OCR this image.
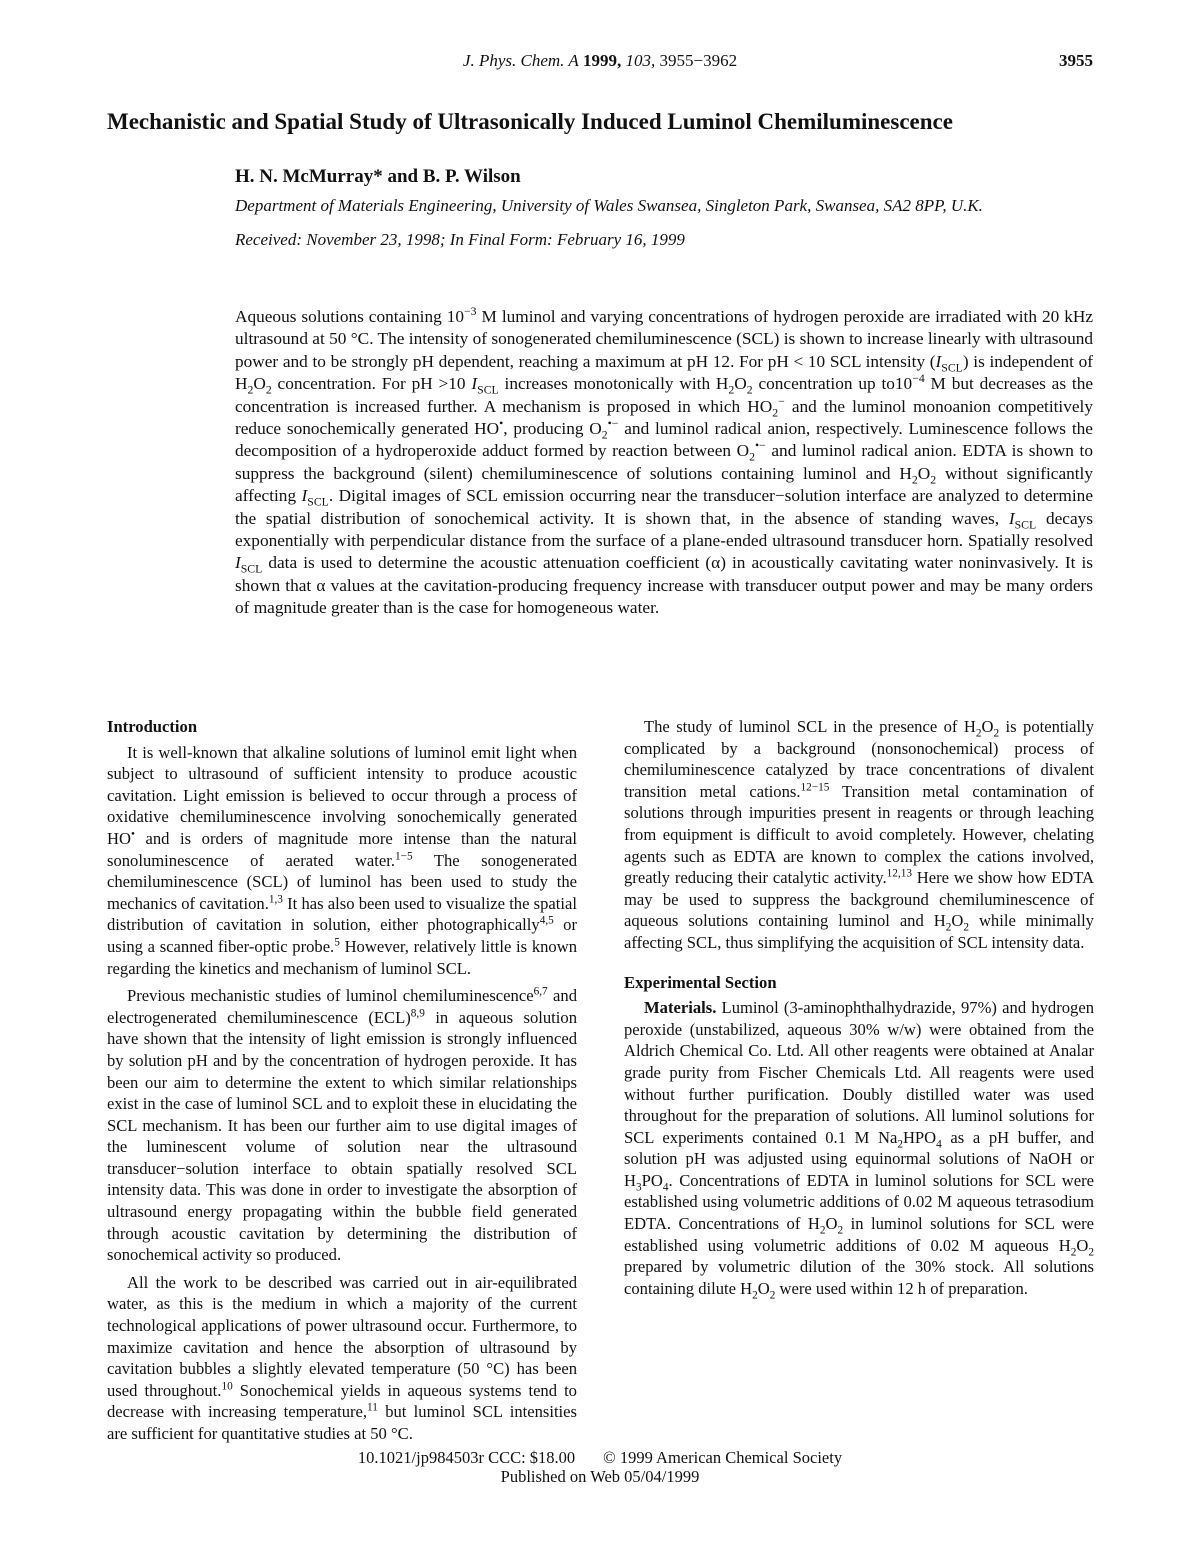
J. Phys. Chem. A 1999, 103, 3955−3962	3955
Mechanistic and Spatial Study of Ultrasonically Induced Luminol Chemiluminescence
H. N. McMurray* and B. P. Wilson
Department of Materials Engineering, University of Wales Swansea, Singleton Park, Swansea, SA2 8PP, U.K.
Received: November 23, 1998; In Final Form: February 16, 1999
Aqueous solutions containing $10^{-3}$ M luminol and varying concentrations of hydrogen peroxide are irradiated with 20 kHz ultrasound at 50 °C. The intensity of sonogenerated chemiluminescence (SCL) is shown to increase linearly with ultrasound power and to be strongly pH dependent, reaching a maximum at pH 12. For pH < 10 SCL intensity $(I_{SCL})$ is independent of $H_2O_2$ concentration. For pH >10 $I_{SCL}$ increases monotonically with $H_2O_2$ concentration up $to10^{-4}$ M but decreases as the concentration is increased further. A mechanism is proposed in which $HO_2^-$ and the luminol monoanion competitively reduce sonochemically generated HO•, producing $O_2^{•-}$ and luminol radical anion, respectively. Luminescence follows the decomposition of a hydroperoxide adduct formed by reaction between $O_2^{•-}$ and luminol radical anion. EDTA is shown to suppress the background (silent) chemiluminescence of solutions containing luminol and $H_2O_2$ without significantly affecting $I_{SCL}$. Digital images of SCL emission occurring near the transducer−solution interface are analyzed to determine the spatial distribution of sonochemical activity. It is shown that, in the absence of standing waves, $I_{SCL}$ decays exponentially with perpendicular distance from the surface of a plane-ended ultrasound transducer horn. Spatially resolved $I_{SCL}$ data is used to determine the acoustic attenuation coefficient (α) in acoustically cavitating water noninvasively. It is shown that α values at the cavitation-producing frequency increase with transducer output power and may be many orders of magnitude greater than is the case for homogeneous water.
Introduction

It is well-known that alkaline solutions of luminol emit light when subject to ultrasound of sufficient intensity to produce acoustic cavitation. Light emission is believed to occur through a process of oxidative chemiluminescence involving sonochemically generated HO• and is orders of magnitude more intense than the natural sonoluminescence of aerated water.$^{1-5}$ The sonogenerated chemiluminescence (SCL) of luminol has been used to study the mechanics of cavitation.$^{1,3}$ It has also been used to visualize the spatial distribution of cavitation in solution, either photographically$^{4,5}$ or using a scanned fiber-optic probe.$^5$ However, relatively little is known regarding the kinetics and mechanism of luminol SCL.

Previous mechanistic studies of luminol chemiluminescence$^{6,7}$ and electrogenerated chemiluminescence (ECL)$^{8,9}$ in aqueous solution have shown that the intensity of light emission is strongly influenced by solution pH and by the concentration of hydrogen peroxide. It has been our aim to determine the extent to which similar relationships exist in the case of luminol SCL and to exploit these in elucidating the SCL mechanism. It has been our further aim to use digital images of the luminescent volume of solution near the ultrasound transducer−solution interface to obtain spatially resolved SCL intensity data. This was done in order to investigate the absorption of ultrasound energy propagating within the bubble field generated through acoustic cavitation by determining the distribution of sonochemical activity so produced.

All the work to be described was carried out in air-equilibrated water, as this is the medium in which a majority of the current technological applications of power ultrasound occur. Furthermore, to maximize cavitation and hence the absorption of ultrasound by cavitation bubbles a slightly elevated temperature (50 °C) has been used throughout.$^{10}$ Sonochemical yields in aqueous systems tend to decrease with increasing temperature,$^{11}$ but luminol SCL intensities are sufficient for quantitative studies at 50 °C.

The study of luminol SCL in the presence of $H_2O_2$ is potentially complicated by a background (nonsonochemical) process of chemiluminescence catalyzed by trace concentrations of divalent transition metal cations.$^{12-15}$ Transition metal contamination of solutions through impurities present in reagents or through leaching from equipment is difficult to avoid completely. However, chelating agents such as EDTA are known to complex the cations involved, greatly reducing their catalytic activity.$^{12,13}$ Here we show how EDTA may be used to suppress the background chemiluminescence of aqueous solutions containing luminol and $H_2O_2$ while minimally affecting SCL, thus simplifying the acquisition of SCL intensity data.

Experimental Section

Materials. Luminol (3-aminophthalhydrazide, 97%) and hydrogen peroxide (unstabilized, aqueous 30% w/w) were obtained from the Aldrich Chemical Co. Ltd. All other reagents were obtained at Analar grade purity from Fischer Chemicals Ltd. All reagents were used without further purification. Doubly distilled water was used throughout for the preparation of solutions. All luminol solutions for SCL experiments contained 0.1 M $Na_2HPO_4$ as a pH buffer, and solution pH was adjusted using equinormal solutions of NaOH or $H_3PO_4$. Concentrations of EDTA in luminol solutions for SCL were established using volumetric additions of 0.02 M aqueous tetrasodium EDTA. Concentrations of $H_2O_2$ in luminol solutions for SCL were established using volumetric additions of 0.02 M aqueous $H_2O_2$ prepared by volumetric dilution of the 30% stock. All solutions containing dilute $H_2O_2$ were used within 12 h of preparation.

10.1021/jp984503r CCC: $18.00 © 1999 American Chemical Society
Published on Web 05/04/1999
